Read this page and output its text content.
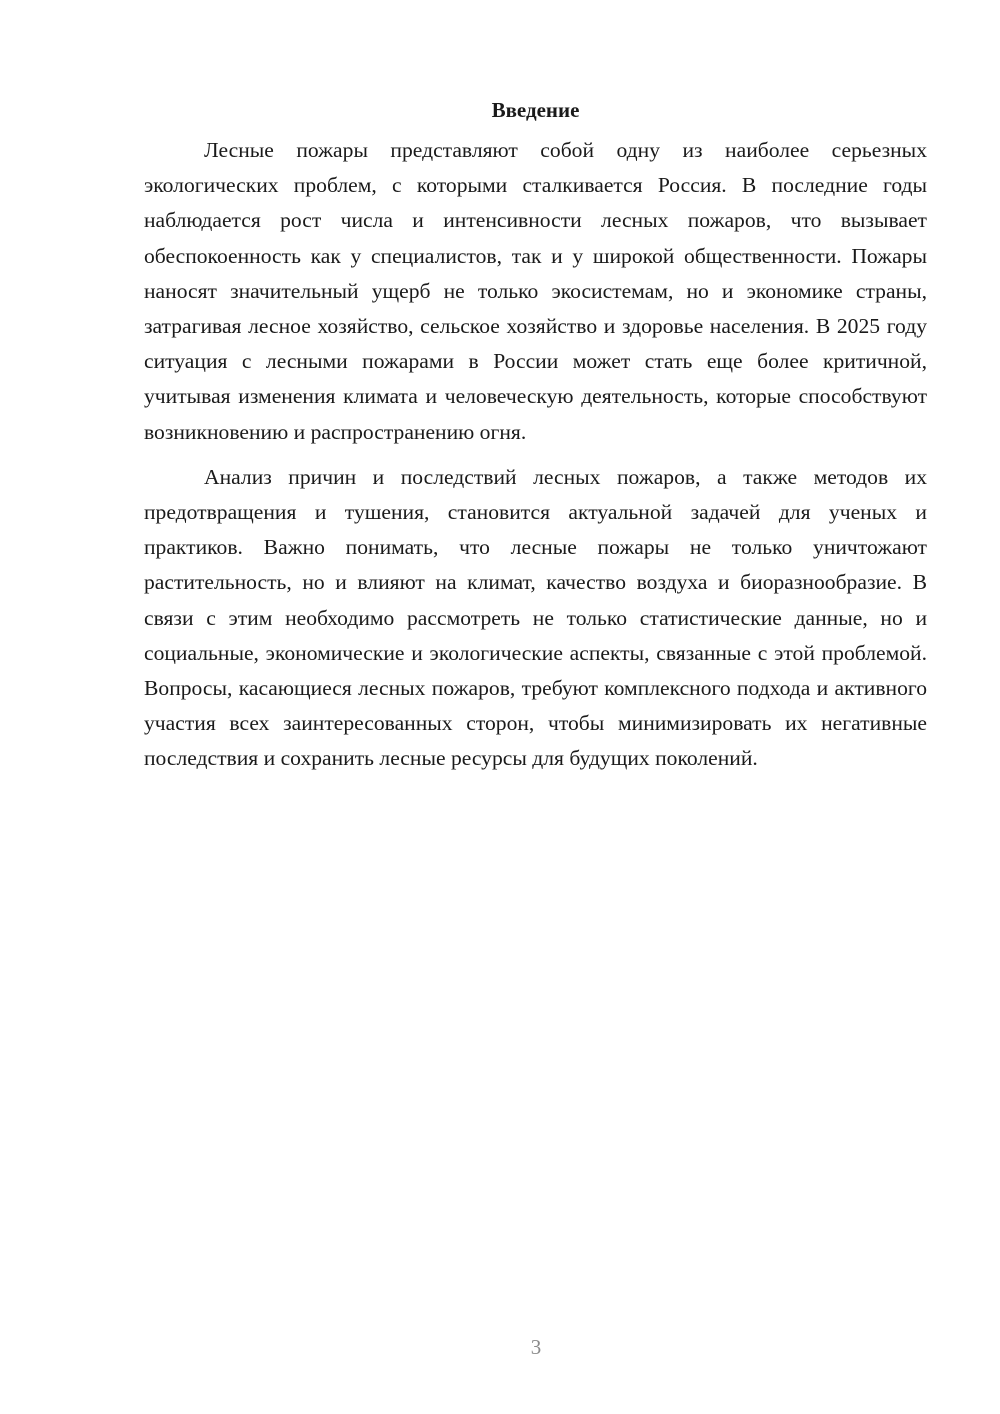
Введение

Лесные пожары представляют собой одну из наиболее серьезных экологических проблем, с которыми сталкивается Россия. В последние годы наблюдается рост числа и интенсивности лесных пожаров, что вызывает обеспокоенность как у специалистов, так и у широкой общественности. Пожары наносят значительный ущерб не только экосистемам, но и экономике страны, затрагивая лесное хозяйство, сельское хозяйство и здоровье населения. В 2025 году ситуация с лесными пожарами в России может стать еще более критичной, учитывая изменения климата и человеческую деятельность, которые способствуют возникновению и распространению огня.

Анализ причин и последствий лесных пожаров, а также методов их предотвращения и тушения, становится актуальной задачей для ученых и практиков. Важно понимать, что лесные пожары не только уничтожают растительность, но и влияют на климат, качество воздуха и биоразнообразие. В связи с этим необходимо рассмотреть не только статистические данные, но и социальные, экономические и экологические аспекты, связанные с этой проблемой. Вопросы, касающиеся лесных пожаров, требуют комплексного подхода и активного участия всех заинтересованных сторон, чтобы минимизировать их негативные последствия и сохранить лесные ресурсы для будущих поколений.

3
